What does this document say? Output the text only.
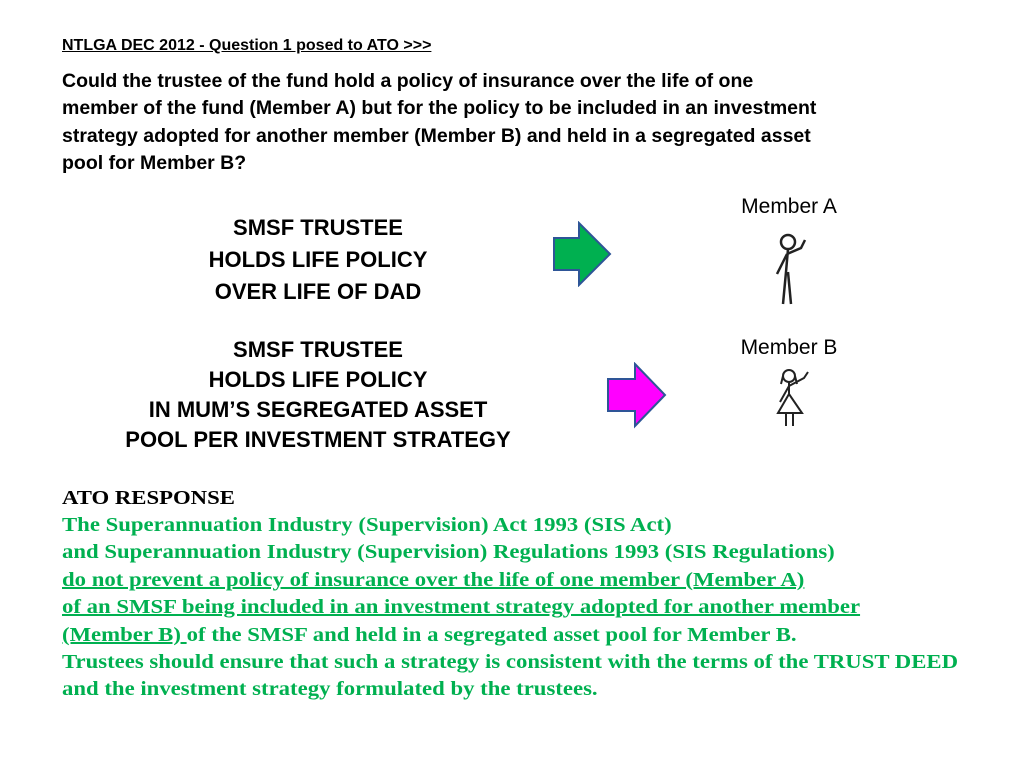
NTLGA DEC 2012 - Question 1 posed to ATO >>>
Could the trustee of the fund hold a policy of insurance over the life of one
member of the fund (Member A) but for the policy to be included in an investment
strategy adopted for another member (Member B) and held in a segregated asset
pool for Member B?
SMSF TRUSTEE
HOLDS LIFE POLICY
OVER LIFE OF DAD
SMSF TRUSTEE
HOLDS LIFE POLICY
IN MUM’S SEGREGATED ASSET
POOL PER INVESTMENT STRATEGY
Member A
Member B
ATO RESPONSE
The Superannuation Industry (Supervision) Act 1993 (SIS Act)
and Superannuation Industry (Supervision) Regulations 1993 (SIS Regulations)
do not prevent a policy of insurance over the life of one member (Member A)
of an SMSF being included in an investment strategy adopted for another member
(Member B) of the SMSF and held in a segregated asset pool for Member B.
Trustees should ensure that such a strategy is consistent with the terms of the TRUST DEED
and the investment strategy formulated by the trustees.
